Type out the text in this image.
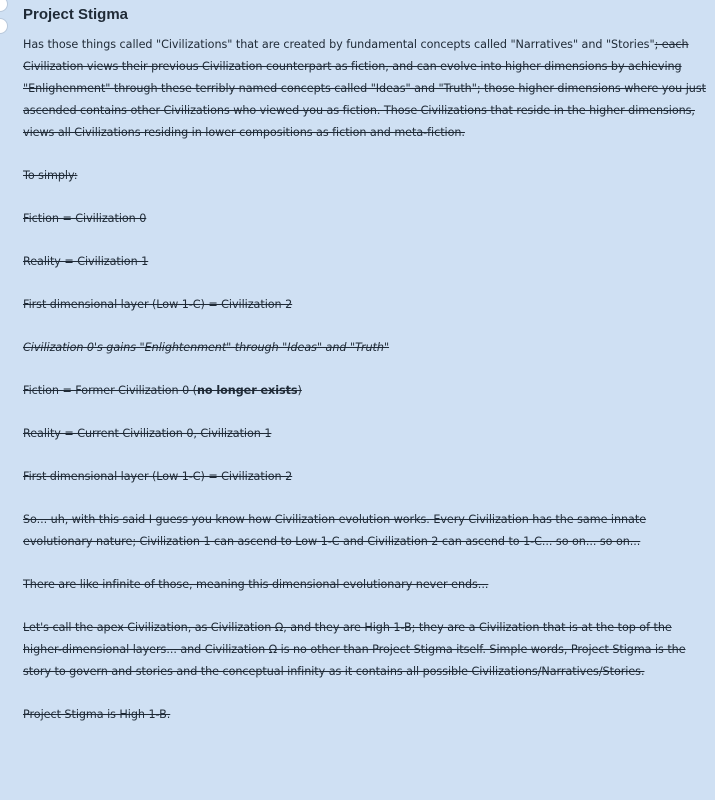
Project Stigma

Has those things called "Civilizations" that are created by fundamental concepts called "Narratives" and "Stories"; each Civilization views their previous Civilization counterpart as fiction, and can evolve into higher dimensions by achieving "Enlighenment" through these terribly named concepts called "Ideas" and "Truth"; those higher dimensions where you just ascended contains other Civilizations who viewed you as fiction. Those Civilizations that reside in the higher dimensions, views all Civilizations residing in lower compositions as fiction and meta-fiction.

To simply:

Fiction = Civilization 0

Reality = Civilization 1

First dimensional layer (Low 1-C) = Civilization 2

Civilization 0's gains "Enlightenment" through "Ideas" and "Truth"

Fiction = Former Civilization 0 (no longer exists)

Reality = Current Civilization 0, Civilization 1

First dimensional layer (Low 1-C) = Civilization 2

So... uh, with this said I guess you know how Civilization evolution works. Every Civilization has the same innate evolutionary nature; Civilization 1 can ascend to Low 1-C and Civilization 2 can ascend to 1-C... so on... so on...

There are like infinite of those, meaning this dimensional evolutionary never ends...

Let's call the apex Civilization, as Civilization Ω, and they are High 1-B; they are a Civilization that is at the top of the higher-dimensional layers... and Civilization Ω is no other than Project Stigma itself. Simple words, Project Stigma is the story to govern and stories and the conceptual infinity as it contains all possible Civilizations/Narratives/Stories.

Project Stigma is High 1-B.
